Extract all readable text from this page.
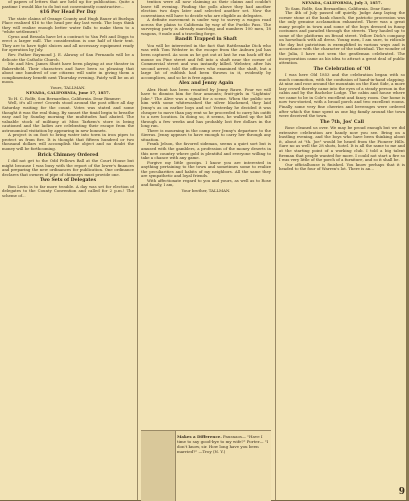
of papers of letters that are held up for publication. Quite a pastime I would like to do but not conveniently constructive...

$16 Per Head Per Day

The state claims of Orange County and Hugh Bauer at Buelspa Place realized $16 to the head per day last week. The boys think they will realize enough better water falls to make them to a "white settlement."

Cyrus and Bessola have let a contract to Van Pelt and Diggs to erect a larger mill. The consideration is one half of their tent. They are to have tight sluices and all necessary equipment ready for operation by July.

Rev. Father Raymond J. E. Alaway of San Fernando will be a delicate the Catholic Church.

Mr. and Mrs. James Shutt have been playing at our theater in Bakersfield. Their characters and have been so pleasing that about one hundred of our citizens will unite in giving them a complimentary benefit next Thursday evening. Fairly will be on at moon.

Yours, TALLMAN.
NEVADA, CALIFORNIA, June 17, 1857.

To H. C. Rolfe, Son Bernardino, California. Dear Rimmer:

Well, it's all over! Crowds stood around the post office all day Saturday waiting for the count. Votes was stated and some thought it was the real thing. By sunset the timid begin to breathe easy and by Sunday morning the multitudes had abated. The valuable stock of militany at Miss Tarkem's store is being cautioned and the ladies are celebrating their escape from the astronomical visitation by appearing in new bonnets.

A project is on foot to bring water into town in iron pipes to protect us from fire. It is thought that fifteen hundred or two thousand dollars will accomplish the object and no doubt the money will be forthcoming.

Brick Chimney Ordered

I did not get to the Odd Fellows Ball at the Court House but might because I was busy with the report of the lower's finances and preparing the new ordinances for publication. One ordinance declares that owners of pipe of chimneys must provide one.

Two Sets of Delegates

Bon Lerin is to far more trouble. A day was set for election of delegates to the County Convention and called for 2 p.m.! The scheme of...

tention were all now claiming as their claims and couldn't leave till evening. Finding the polls above they had another election two days later and selected another set. Now the conventions will have to decide who are eligible as delegates.

A definite movement is under way to survey a wagon road across the plains to California by way of the Pueblo Pass. The surveying party is already marching and numbers 100 men, 18 wagons, 9 mule and a traveling forge.

Bandit Trapped in Shaft

You will be interested in the fact that Rattlesnake Dick who was with Tom Webster in the escape from the Auburn jail has been captured. As soon as he got out at last he ran back off the mouse on Pine street and fell into a shaft near the corner of Commercial street and was instantly killed. Webster, after his second arrest, told the officers who examined the shaft, but a large lot of rubbish had been thrown in it, evidently by accomplices, and so he is free again.

Alex and Jenny Again

Alex Hunt has been reunited by Jenny Rawe. Four we will have to dismiss him for four amounts; fruit-girls in "Lightnin' Joke." The Alive was a signal for a scene. When the public see him with some whitewashed the silver blackened, they laid Jenny's as on earlier boys and so! Yesterday he decided it was cheaper to move than pay rent so he proceeded to carry his outfit to a new location. In doing so, it seems, he walked up the hill through a few weeks and has probably lost five dollars in the long run.

There is mourning in the camp over Jenny's departure to the Sierras. Jenny appears to have enough to carry her through any situation.

Frank Jelson, the favored sideman, seems a quiet sort but is amused with the gamblers, a profession of the money deserts in this new country where gold is plentiful and everyone willing to take a chance with any game.

Forgive my little gossips. I know you are interested in anything pertaining to the town and sometimes some to realize the peculiarities and habits of my neighbors. All the same they are sympathetic and loyal friends.

With affectionate regard to you and yours, as well as to Rose and family, I am,

Your brother, TALLMAN.
NEVADA, CALIFORNIA, July 3, 1857.

To Sam. Rolfe, San Bernardino, California. Dear Sam:

The 4th of July passed off quietly. Judge Amp laying the corner stone at the bank church, the patriotic procession was the only genuine acclamation exhausted. There was a great many people in town and some of the boys dressed in funny costumes and paraded through the streets. They hauled up to some of the platforms on Broad street. Yellow Dick's company on horseback with all dress. Young men, I am sure, to ridicule the day but patriotism is exemplified in various ways and is accordance with the character of the individual. The wonder of the Julia, I have not seen the gentleman celebrated. The incorporation came as his idea to attract a great deal of public attention.

The Celebration of 'Ol

I was here Old 1853 and the celebration began with so much commotion, with the confusion of hand-in-hand clapping. At nine and rose around the mountain on the East Side, a more lazy crowd thereby came into the eyes of a steady person in the cabin and by the Bachelor Lodge. The cabin and house where we came to be in Cole's excellent and fancy room. Our home is now two-storied, with a broad porch and two excellent rooms. Finally some very fine cherries and beverages were ordered after which the time spent as one big family around the town were deceived the town.

The 7th, Jos' Call

Rose cleaned us over. We may be proud enough but we did extensive celebration are handy now you see. Bring on a bustling evening, and the boys who have been thinking about it, about at "th. Joe" would be heard from the Pioneer Hills. Sure no as well the 28 shots, hotel. It is all the same to me and at the starting point of a working club. I told a big talent fireman that people wanted for more. I could not start a fire so I was very little of the porch of a furniture, and so it shall be.

Our officialhouse is finished. You know perhaps that it is headed to the four of Warren's lot. There is an...

Makes a Difference. Pausnaos— "Have I time to say good-bye to my wife?" Porter— "I don't know, sir. How long have you been married?" —Troy (N. Y.)
9
